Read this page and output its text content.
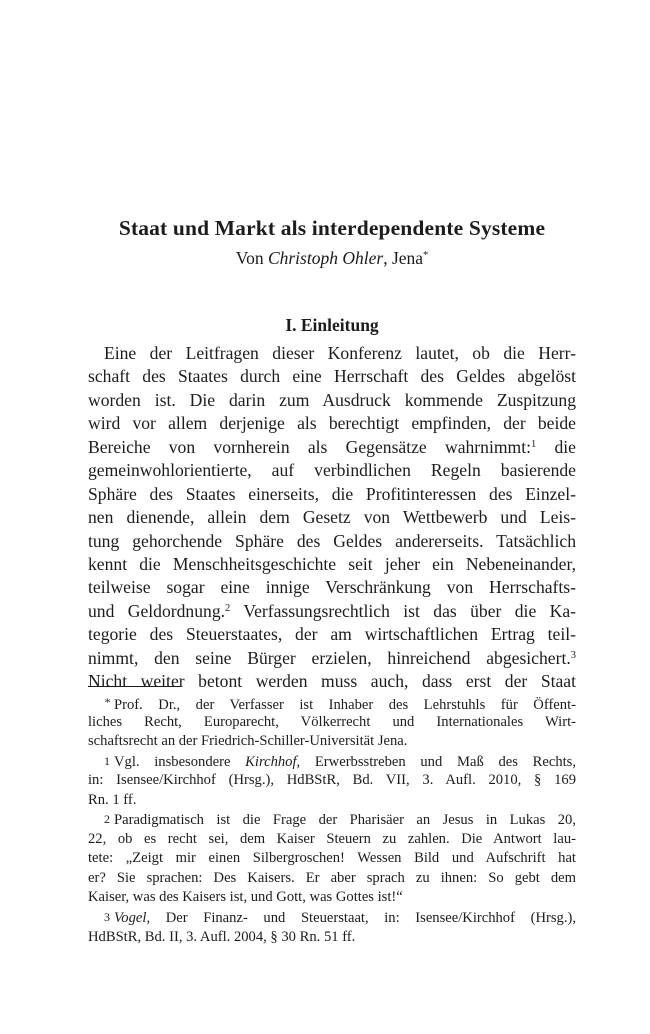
Staat und Markt als interdependente Systeme
Von Christoph Ohler, Jena*
I. Einleitung
Eine der Leitfragen dieser Konferenz lautet, ob die Herr-
schaft des Staates durch eine Herrschaft des Geldes abgelöst
worden ist. Die darin zum Ausdruck kommende Zuspitzung
wird vor allem derjenige als berechtigt empfinden, der beide
Bereiche von vornherein als Gegensätze wahrnimmt:$^1$ die
gemeinwohlorientierte, auf verbindlichen Regeln basierende
Sphäre des Staates einerseits, die Profitinteressen des Einzel-
nen dienende, allein dem Gesetz von Wettbewerb und Leis-
tung gehorchende Sphäre des Geldes andererseits. Tatsächlich
kennt die Menschheitsgeschichte seit jeher ein Nebeneinander,
teilweise sogar eine innige Verschränkung von Herrschafts-
und Geldordnung.$^2$ Verfassungsrechtlich ist das über die Ka-
tegorie des Steuerstaates, der am wirtschaftlichen Ertrag teil-
nimmt, den seine Bürger erzielen, hinreichend abgesichert.$^3$
Nicht weiter betont werden muss auch, dass erst der Staat
* Prof. Dr., der Verfasser ist Inhaber des Lehrstuhls für Öffent-
liches Recht, Europarecht, Völkerrecht und Internationales Wirt-
schaftsrecht an der Friedrich-Schiller-Universität Jena.
1 Vgl. insbesondere Kirchhof, Erwerbsstreben und Maß des Rechts,
in: Isensee/Kirchhof (Hrsg.), HdBStR, Bd. VII, 3. Aufl. 2010, § 169
Rn. 1 ff.
2 Paradigmatisch ist die Frage der Pharisäer an Jesus in Lukas 20,
22, ob es recht sei, dem Kaiser Steuern zu zahlen. Die Antwort lau-
tete: „Zeigt mir einen Silbergroschen! Wessen Bild und Aufschrift hat
er? Sie sprachen: Des Kaisers. Er aber sprach zu ihnen: So gebt dem
Kaiser, was des Kaisers ist, und Gott, was Gottes ist!“
3 Vogel, Der Finanz- und Steuerstaat, in: Isensee/Kirchhof (Hrsg.),
HdBStR, Bd. II, 3. Aufl. 2004, § 30 Rn. 51 ff.
